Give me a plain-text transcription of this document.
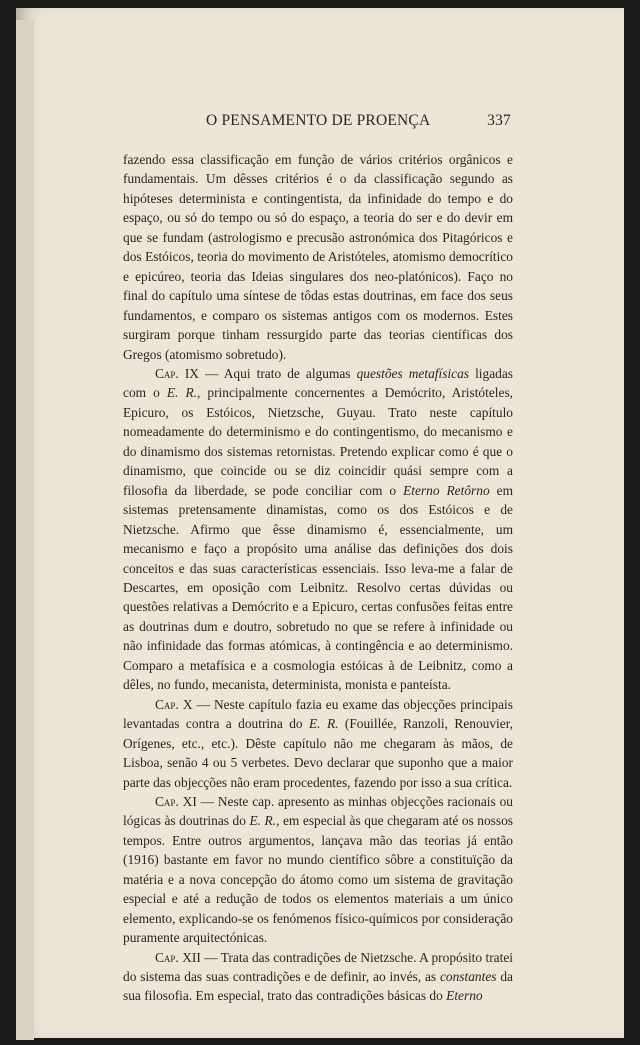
O PENSAMENTO DE PROENÇA	337

fazendo essa classificação em função de vários critérios orgânicos e fundamentais. Um dêsses critérios é o da classificação segundo as hipóteses determinista e contingentista, da infinidade do tempo e do espaço, ou só do tempo ou só do espaço, a teoria do ser e do devir em que se fundam (astrologismo e precusão astronómica dos Pitagóricos e dos Estóicos, teoria do movimento de Aristóteles, atomismo democrítico e epicúreo, teoria das Ideias singulares dos neo-platónicos). Faço no final do capítulo uma síntese de tôdas estas doutrinas, em face dos seus fundamentos, e comparo os sistemas antigos com os modernos. Estes surgiram porque tinham ressurgido parte das teorias científicas dos Gregos (atomismo sobretudo).

Cap. IX — Aqui trato de algumas questões metafísicas ligadas com o E. R., principalmente concernentes a Demócrito, Aristóteles, Epicuro, os Estóicos, Nietzsche, Guyau. Trato neste capítulo nomeadamente do determinismo e do contingentismo, do mecanismo e do dinamismo dos sistemas retornistas. Pretendo explicar como é que o dinamismo, que coincide ou se diz coincidir quási sempre com a filosofia da liberdade, se pode conciliar com o Eterno Retôrno em sistemas pretensamente dinamistas, como os dos Estóicos e de Nietzsche. Afirmo que êsse dinamismo é, essencialmente, um mecanismo e faço a propósito uma análise das definições dos dois conceitos e das suas características essenciais. Isso leva-me a falar de Descartes, em oposição com Leibnitz. Resolvo certas dúvidas ou questões relativas a Demócrito e a Epicuro, certas confusões feitas entre as doutrinas dum e doutro, sobretudo no que se refere à infinidade ou não infinidade das formas atómicas, à contingência e ao determinismo. Comparo a metafísica e a cosmologia estóicas à de Leibnitz, como a dêles, no fundo, mecanista, determinista, monista e panteísta.

Cap. X — Neste capítulo fazia eu exame das objecções principais levantadas contra a doutrina do E. R. (Fouillée, Ranzoli, Renouvier, Orígenes, etc., etc.). Dêste capítulo não me chegaram às mãos, de Lisboa, senão 4 ou 5 verbetes. Devo declarar que suponho que a maior parte das objecções não eram procedentes, fazendo por isso a sua crítica.

Cap. XI — Neste cap. apresento as minhas objecções racionais ou lógicas às doutrinas do E. R., em especial às que chegaram até os nossos tempos. Entre outros argumentos, lançava mão das teorias já então (1916) bastante em favor no mundo científico sôbre a constituïção da matéria e a nova concepção do átomo como um sistema de gravitação especial e até a redução de todos os elementos materiais a um único elemento, explicando-se os fenómenos físico-químicos por consideração puramente arquitectónicas.

Cap. XII — Trata das contradições de Nietzsche. A propósito tratei do sistema das suas contradições e de definir, ao invés, as constantes da sua filosofia. Em especial, trato das contradições básicas do Eterno
